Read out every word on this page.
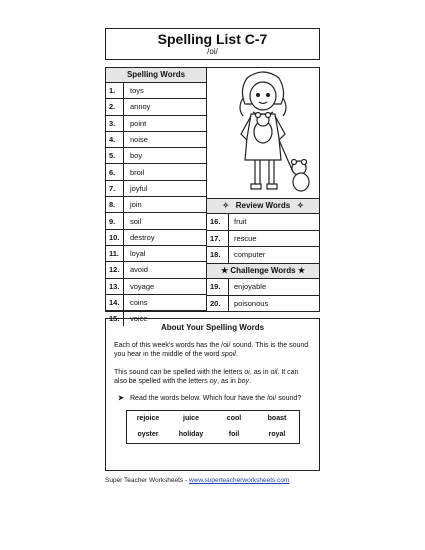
Spelling List C-7
/oi/
Spelling Words
1.	toys
2.	annoy
3.	point
4.	noise
5.	boy
6.	broil
7.	joyful
8.	join
9.	soil
10.	destroy
11.	loyal
12.	avoid
13.	voyage
14.	coins
15.	voice
✧ Review Words ✧
16.	fruit
17.	rescue
18.	computer
★ Challenge Words ★
19.	enjoyable
20.	poisonous
About Your Spelling Words

Each of this week's words has the /oi/ sound. This is the sound you hear in the middle of the word spoil.

This sound can be spelled with the letters oi, as in oil. It can also be spelled with the letters oy, as in boy.

➤ Read the words below. Which four have the /oi/ sound?
rejoice	juice	cool	boast
oyster	holiday	foil	royal
Super Teacher Worksheets - www.superteacherworksheets.com
